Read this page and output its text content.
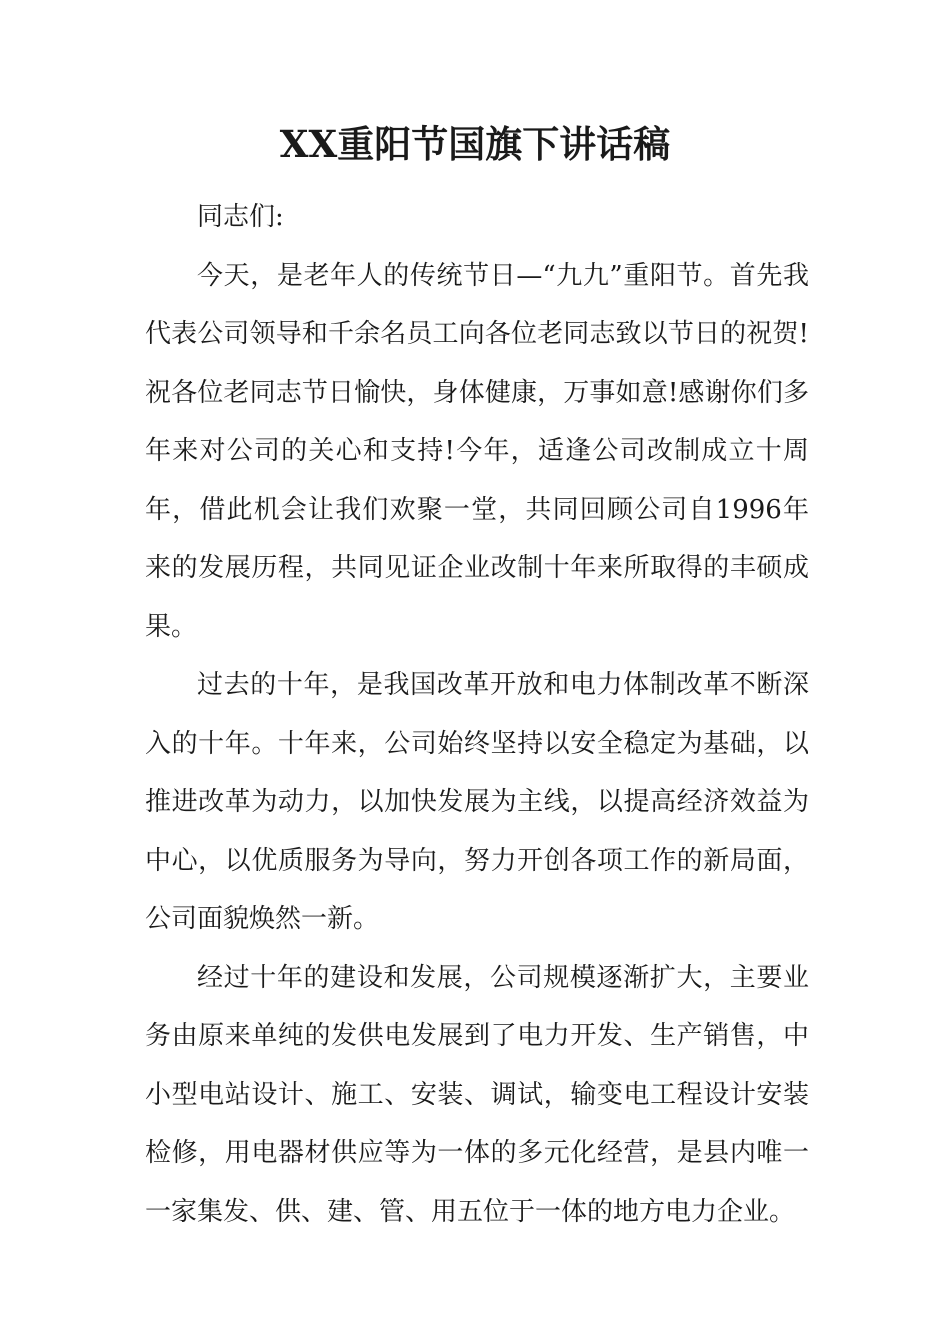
XX重阳节国旗下讲话稿

同志们:

今天，是老年人的传统节日—“九九”重阳节。首先我代表公司领导和千余名员工向各位老同志致以节日的祝贺!祝各位老同志节日愉快，身体健康，万事如意!感谢你们多年来对公司的关心和支持!今年，适逢公司改制成立十周年，借此机会让我们欢聚一堂，共同回顾公司自1996年来的发展历程，共同见证企业改制十年来所取得的丰硕成果。

过去的十年，是我国改革开放和电力体制改革不断深入的十年。十年来，公司始终坚持以安全稳定为基础，以推进改革为动力，以加快发展为主线，以提高经济效益为中心，以优质服务为导向，努力开创各项工作的新局面，公司面貌焕然一新。

经过十年的建设和发展，公司规模逐渐扩大，主要业务由原来单纯的发供电发展到了电力开发、生产销售，中小型电站设计、施工、安装、调试，输变电工程设计安装检修，用电器材供应等为一体的多元化经营，是县内唯一一家集发、供、建、管、用五位于一体的地方电力企业。
